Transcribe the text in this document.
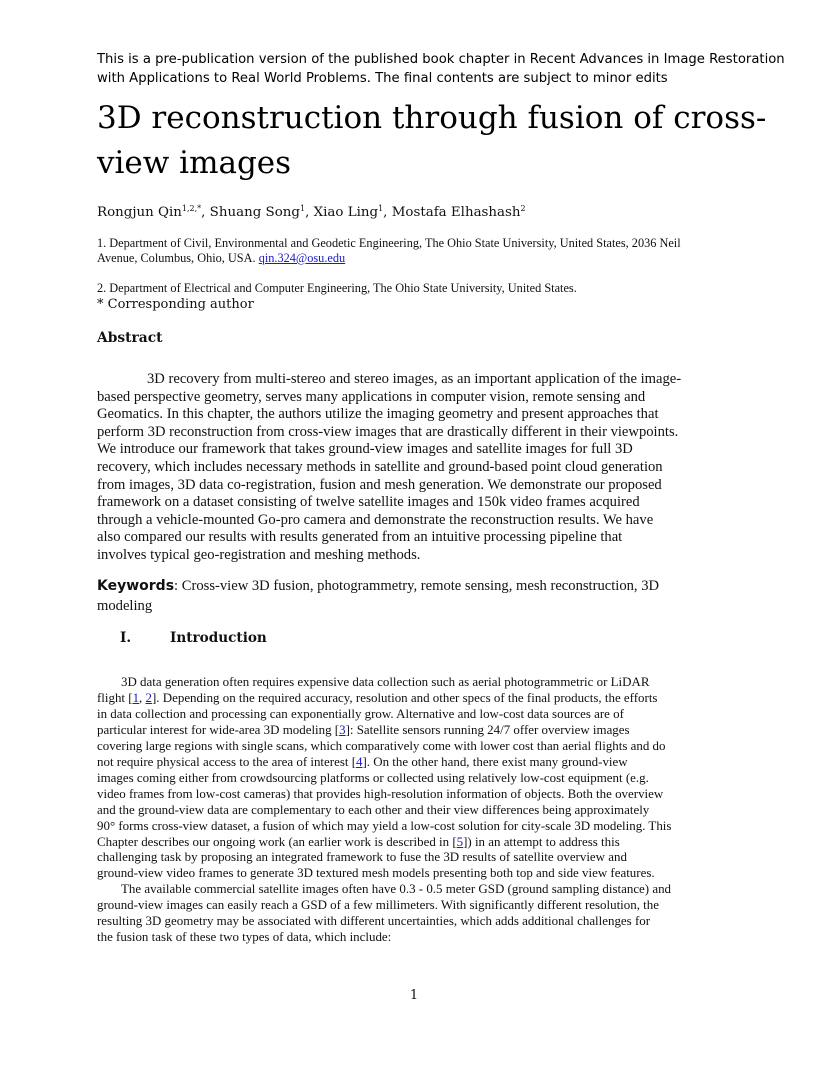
This is a pre-publication version of the published book chapter in Recent Advances in Image Restoration
with Applications to Real World Problems. The final contents are subject to minor edits
3D reconstruction through fusion of cross-
view images
Rongjun Qin$^{1,2,*}$, Shuang Song$^1$, Xiao Ling$^1$, Mostafa Elhashash$^2$
1. Department of Civil, Environmental and Geodetic Engineering, The Ohio State University, United States, 2036 Neil
Avenue, Columbus, Ohio, USA. qin.324@osu.edu
2. Department of Electrical and Computer Engineering, The Ohio State University, United States.
* Corresponding author
Abstract
3D recovery from multi-stereo and stereo images, as an important application of the image-
based perspective geometry, serves many applications in computer vision, remote sensing and
Geomatics. In this chapter, the authors utilize the imaging geometry and present approaches that
perform 3D reconstruction from cross-view images that are drastically different in their viewpoints.
We introduce our framework that takes ground-view images and satellite images for full 3D
recovery, which includes necessary methods in satellite and ground-based point cloud generation
from images, 3D data co-registration, fusion and mesh generation. We demonstrate our proposed
framework on a dataset consisting of twelve satellite images and 150k video frames acquired
through a vehicle-mounted Go-pro camera and demonstrate the reconstruction results. We have
also compared our results with results generated from an intuitive processing pipeline that
involves typical geo-registration and meshing methods.
Keywords: Cross-view 3D fusion, photogrammetry, remote sensing, mesh reconstruction, 3D
modeling
I.	Introduction
3D data generation often requires expensive data collection such as aerial photogrammetric or LiDAR
flight [1, 2]. Depending on the required accuracy, resolution and other specs of the final products, the efforts
in data collection and processing can exponentially grow. Alternative and low-cost data sources are of
particular interest for wide-area 3D modeling [3]: Satellite sensors running 24/7 offer overview images
covering large regions with single scans, which comparatively come with lower cost than aerial flights and do
not require physical access to the area of interest [4]. On the other hand, there exist many ground-view
images coming either from crowdsourcing platforms or collected using relatively low-cost equipment (e.g.
video frames from low-cost cameras) that provides high-resolution information of objects. Both the overview
and the ground-view data are complementary to each other and their view differences being approximately
90° forms cross-view dataset, a fusion of which may yield a low-cost solution for city-scale 3D modeling. This
Chapter describes our ongoing work (an earlier work is described in [5]) in an attempt to address this
challenging task by proposing an integrated framework to fuse the 3D results of satellite overview and
ground-view video frames to generate 3D textured mesh models presenting both top and side view features.
The available commercial satellite images often have 0.3 - 0.5 meter GSD (ground sampling distance) and
ground-view images can easily reach a GSD of a few millimeters. With significantly different resolution, the
resulting 3D geometry may be associated with different uncertainties, which adds additional challenges for
the fusion task of these two types of data, which include:
1
